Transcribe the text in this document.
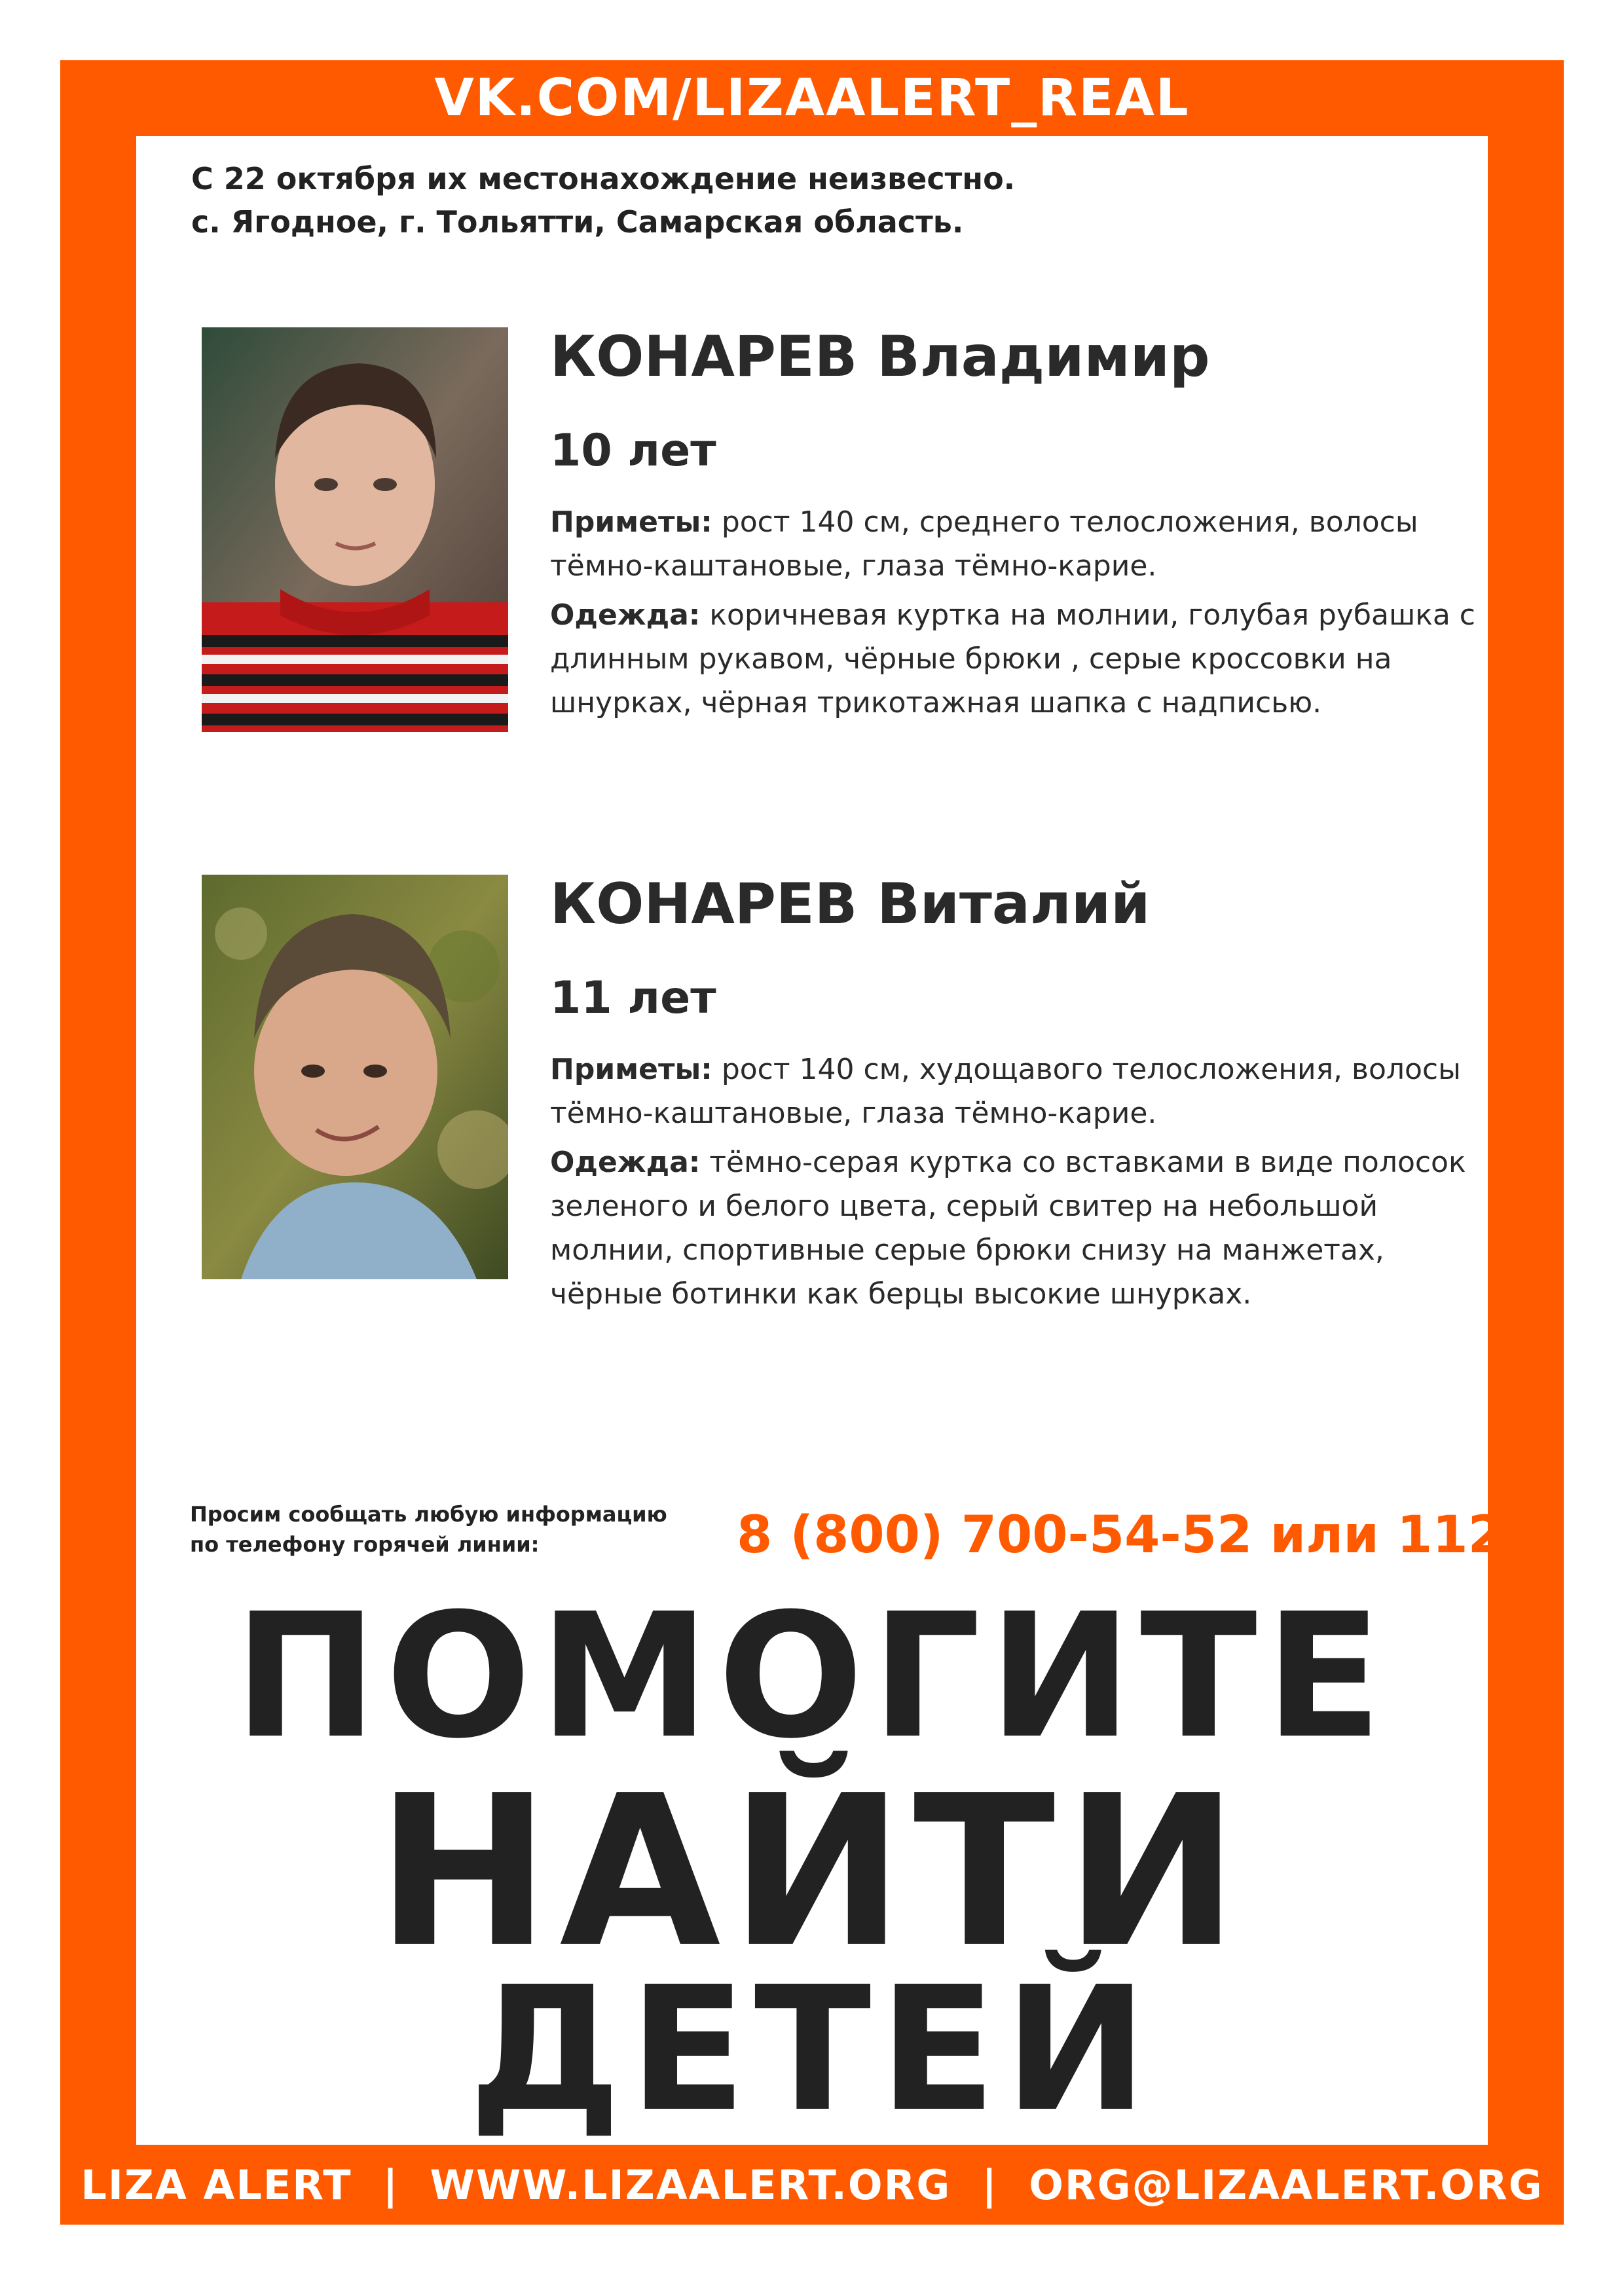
VK.COM/LIZAALERT_REAL
С 22 октября их местонахождение неизвестно.
с. Ягодное, г. Тольятти, Самарская область.
КОНАРЕВ Владимир
10 лет
Приметы: рост 140 см, среднего телосложения, волосы тёмно-каштановые, глаза тёмно-карие.
Одежда: коричневая куртка на молнии, голубая рубашка с длинным рукавом, чёрные брюки , серые кроссовки на шнурках, чёрная трикотажная шапка с надписью.
КОНАРЕВ Виталий
11 лет
Приметы: рост 140 см, худощавого телосложения, волосы тёмно-каштановые, глаза тёмно-карие.
Одежда: тёмно-серая куртка со вставками в виде полосок зеленого и белого цвета, серый свитер на небольшой молнии, спортивные серые брюки снизу на манжетах, чёрные ботинки как берцы высокие шнурках.
Просим сообщать любую информацию
по телефону горячей линии:	8 (800) 700-54-52 или 112
ПОМОГИТЕ
НАЙТИ
ДЕТЕЙ
LIZA ALERT  |  WWW.LIZAALERT.ORG  |  ORG@LIZAALERT.ORG
